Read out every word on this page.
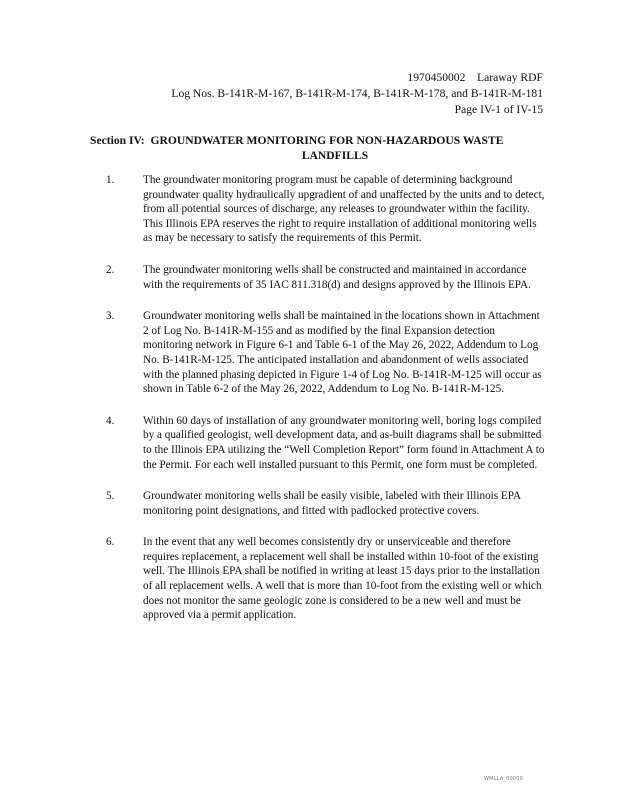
1970450002    Laraway RDF
Log Nos. B-141R-M-167, B-141R-M-174, B-141R-M-178, and B-141R-M-181
Page IV-1 of IV-15
Section IV:  GROUNDWATER MONITORING FOR NON-HAZARDOUS WASTE
LANDFILLS
1.	The groundwater monitoring program must be capable of determining background groundwater quality hydraulically upgradient of and unaffected by the units and to detect, from all potential sources of discharge, any releases to groundwater within the facility. This Illinois EPA reserves the right to require installation of additional monitoring wells as may be necessary to satisfy the requirements of this Permit.
2.	The groundwater monitoring wells shall be constructed and maintained in accordance with the requirements of 35 IAC 811.318(d) and designs approved by the Illinois EPA.
3.	Groundwater monitoring wells shall be maintained in the locations shown in Attachment 2 of Log No. B-141R-M-155 and as modified by the final Expansion detection monitoring network in Figure 6-1 and Table 6-1 of the May 26, 2022, Addendum to Log No. B-141R-M-125. The anticipated installation and abandonment of wells associated with the planned phasing depicted in Figure 1-4 of Log No. B-141R-M-125 will occur as shown in Table 6-2 of the May 26, 2022, Addendum to Log No. B-141R-M-125.
4.	Within 60 days of installation of any groundwater monitoring well, boring logs compiled by a qualified geologist, well development data, and as-built diagrams shall be submitted to the Illinois EPA utilizing the “Well Completion Report” form found in Attachment A to the Permit. For each well installed pursuant to this Permit, one form must be completed.
5.	Groundwater monitoring wells shall be easily visible, labeled with their Illinois EPA monitoring point designations, and fitted with padlocked protective covers.
6.	In the event that any well becomes consistently dry or unserviceable and therefore requires replacement, a replacement well shall be installed within 10-foot of the existing well. The Illinois EPA shall be notified in writing at least 15 days prior to the installation of all replacement wells. A well that is more than 10-foot from the existing well or which does not monitor the same geologic zone is considered to be a new well and must be approved via a permit application.
WMLLA_00000
